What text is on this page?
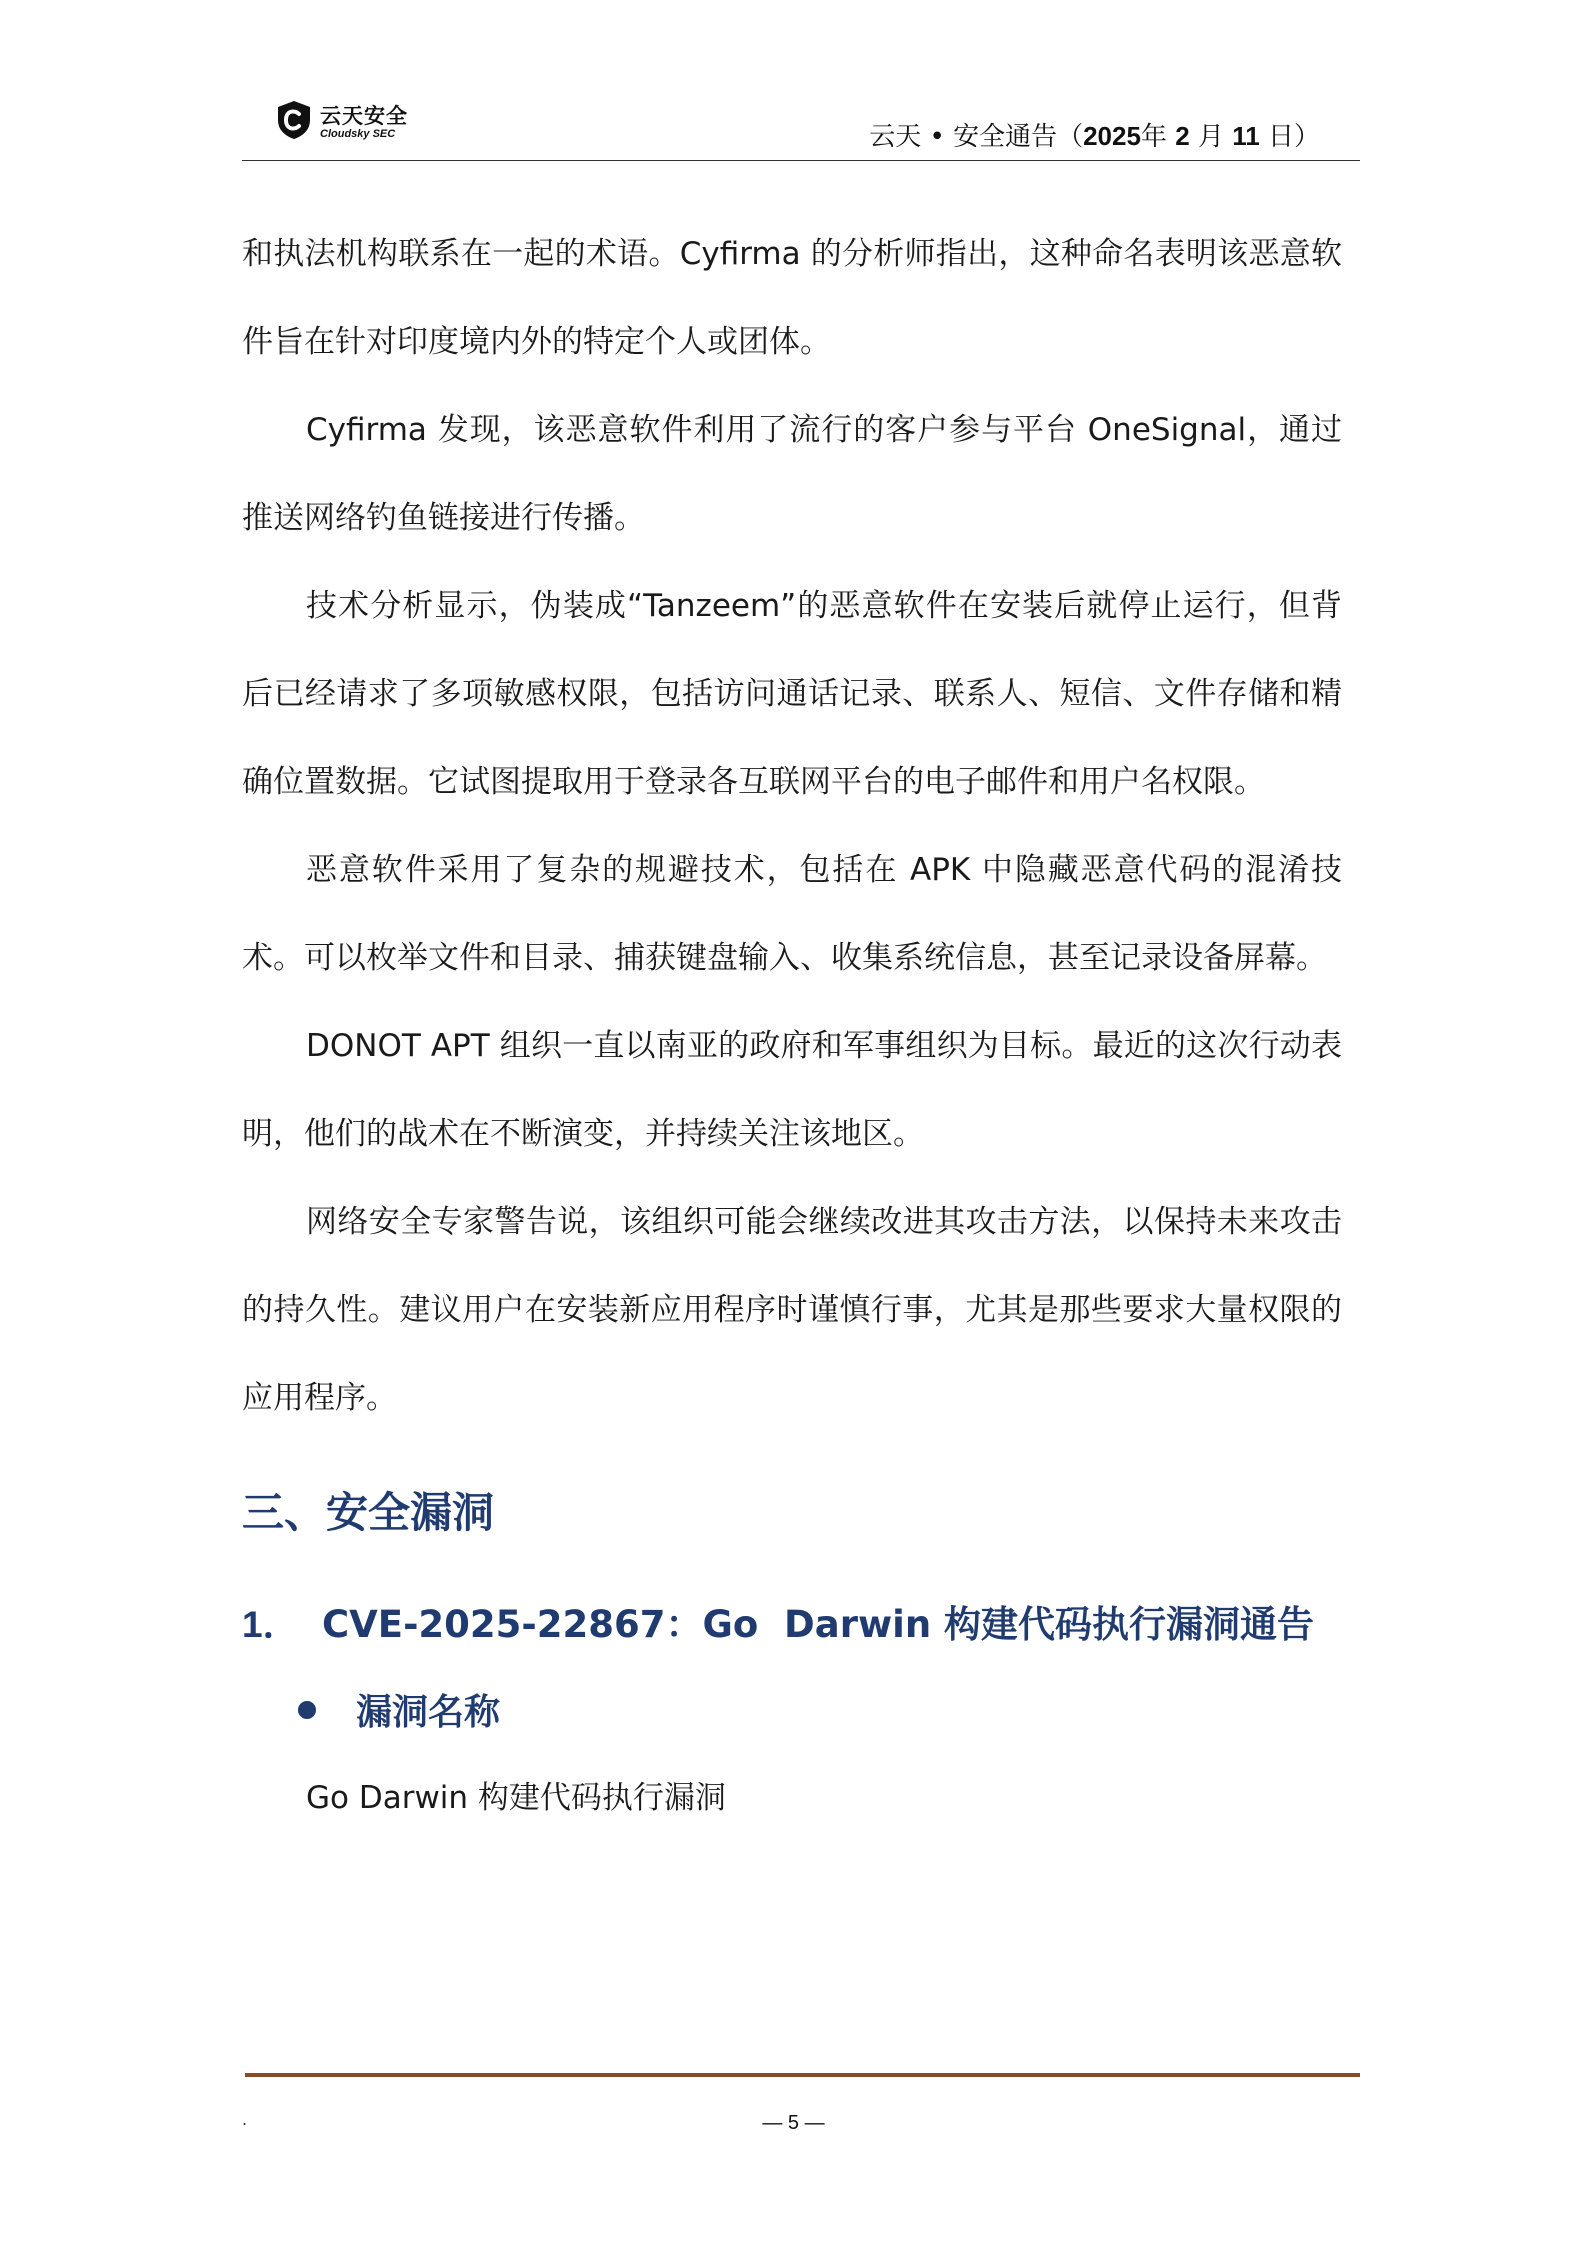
云天安全
Cloudsky SEC	云天 • 安全通告（2025年 2 月 11 日）

和执法机构联系在一起的术语。Cyfirma 的分析师指出，这种命名表明该恶意软件旨在针对印度境内外的特定个人或团体。

Cyfirma 发现，该恶意软件利用了流行的客户参与平台 OneSignal，通过推送网络钓鱼链接进行传播。

技术分析显示，伪装成“Tanzeem”的恶意软件在安装后就停止运行，但背后已经请求了多项敏感权限，包括访问通话记录、联系人、短信、文件存储和精确位置数据。它试图提取用于登录各互联网平台的电子邮件和用户名权限。

恶意软件采用了复杂的规避技术，包括在 APK 中隐藏恶意代码的混淆技术。可以枚举文件和目录、捕获键盘输入、收集系统信息，甚至记录设备屏幕。

DONOT APT 组织一直以南亚的政府和军事组织为目标。最近的这次行动表明，他们的战术在不断演变，并持续关注该地区。

网络安全专家警告说，该组织可能会继续改进其攻击方法，以保持未来攻击的持久性。建议用户在安装新应用程序时谨慎行事，尤其是那些要求大量权限的应用程序。

三、安全漏洞
1． CVE-2025-22867：Go  Darwin 构建代码执行漏洞通告
漏洞名称
Go Darwin 构建代码执行漏洞
.	— 5 —
